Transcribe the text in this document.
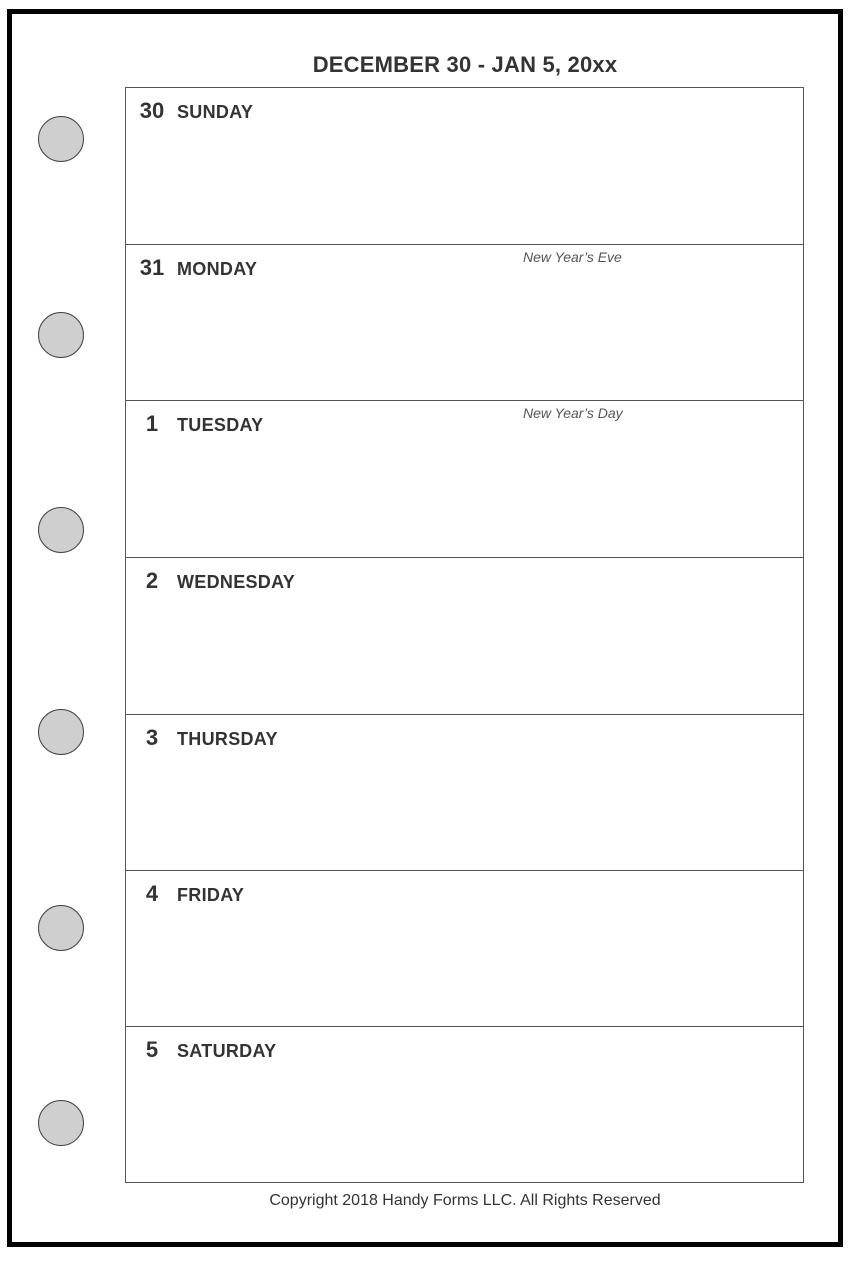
DECEMBER 30 - JAN 5, 20xx
30 SUNDAY
31 MONDAY
New Year’s Eve
1	TUESDAY
New Year’s Day
2	WEDNESDAY
3	THURSDAY
4	FRIDAY
5	SATURDAY
Copyright 2018 Handy Forms LLC. All Rights Reserved
